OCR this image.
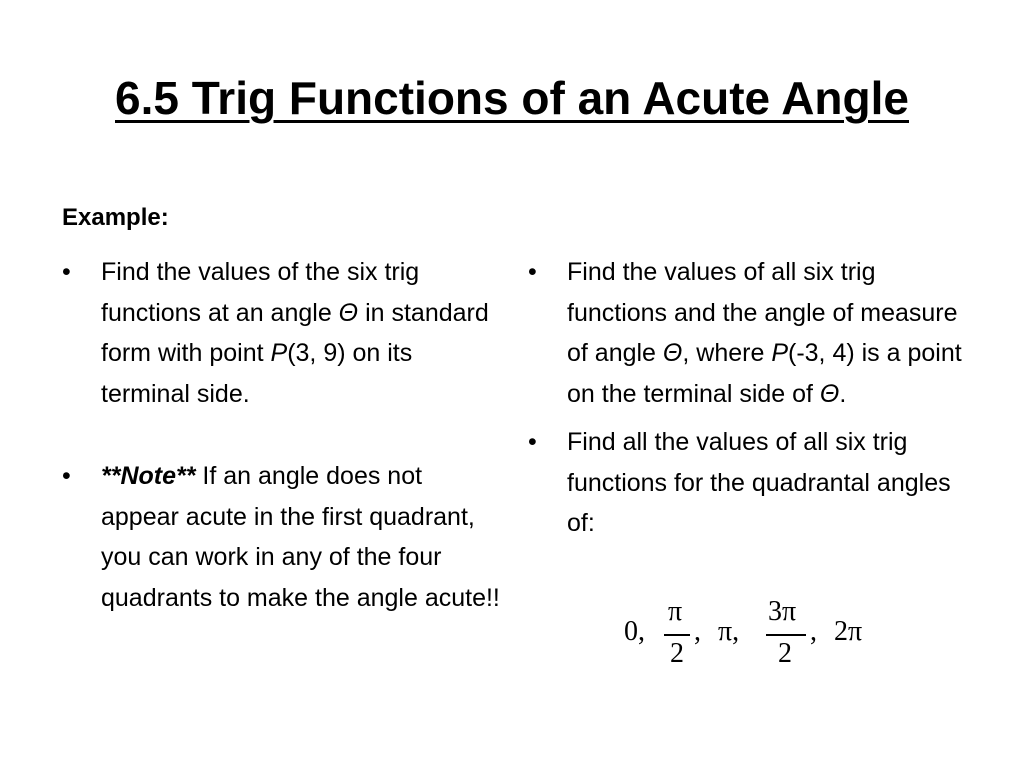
6.5 Trig Functions of an Acute Angle
Example:
•	Find the values of the six trig functions at an angle Θ in standard form with point P(3, 9) on its terminal side.
•	**Note** If an angle does not appear acute in the first quadrant, you can work in any of the four quadrants to make the angle acute!!
•	Find the values of all six trig functions and the angle of measure of angle Θ, where P(-3, 4) is a point on the terminal side of Θ.
•	Find all the values of all six trig functions for the quadrantal angles of:
0,
π
2
, π,
3π
2
, 2π
